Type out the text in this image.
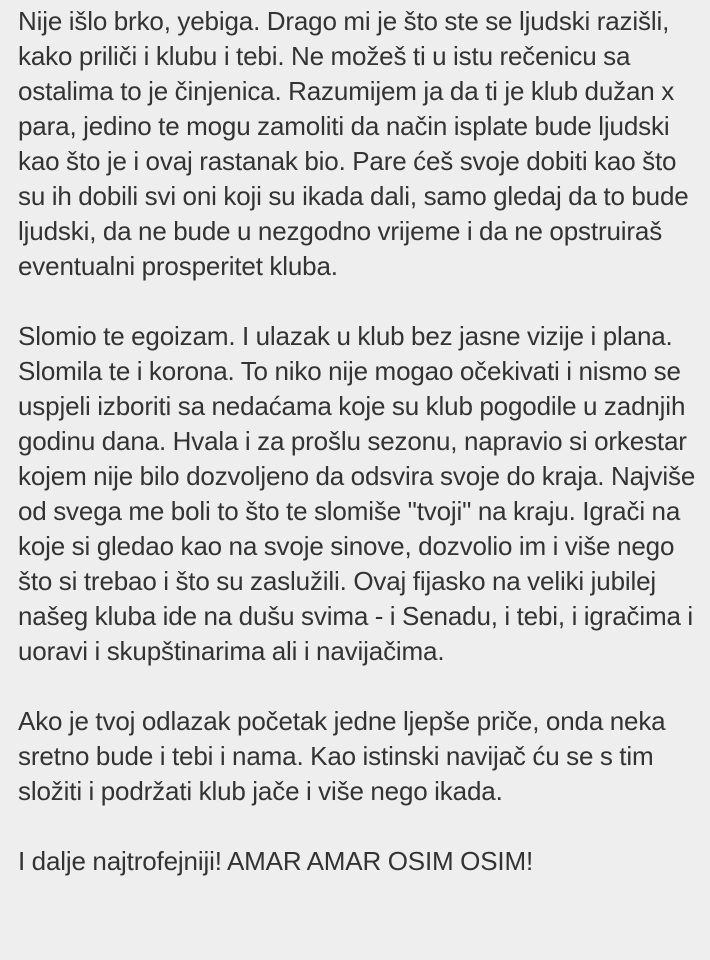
Nije išlo brko, yebiga. Drago mi je što ste se ljudski razišli, kako priliči i klubu i tebi. Ne možeš ti u istu rečenicu sa ostalima to je činjenica. Razumijem ja da ti je klub dužan x para, jedino te mogu zamoliti da način isplate bude ljudski kao što je i ovaj rastanak bio. Pare ćeš svoje dobiti kao što su ih dobili svi oni koji su ikada dali, samo gledaj da to bude ljudski, da ne bude u nezgodno vrijeme i da ne opstruiraš eventualni prosperitet kluba.

Slomio te egoizam. I ulazak u klub bez jasne vizije i plana. Slomila te i korona. To niko nije mogao očekivati i nismo se uspjeli izboriti sa nedaćama koje su klub pogodile u zadnjih godinu dana. Hvala i za prošlu sezonu, napravio si orkestar kojem nije bilo dozvoljeno da odsvira svoje do kraja. Najviše od svega me boli to što te slomiše "tvoji" na kraju. Igrači na koje si gledao kao na svoje sinove, dozvolio im i više nego što si trebao i što su zaslužili. Ovaj fijasko na veliki jubilej našeg kluba ide na dušu svima - i Senadu, i tebi, i igračima i uoravi i skupštinarima ali i navijačima.

Ako je tvoj odlazak početak jedne ljepše priče, onda neka sretno bude i tebi i nama. Kao istinski navijač ću se s tim složiti i podržati klub jače i više nego ikada.

I dalje najtrofejniji! AMAR AMAR OSIM OSIM!
